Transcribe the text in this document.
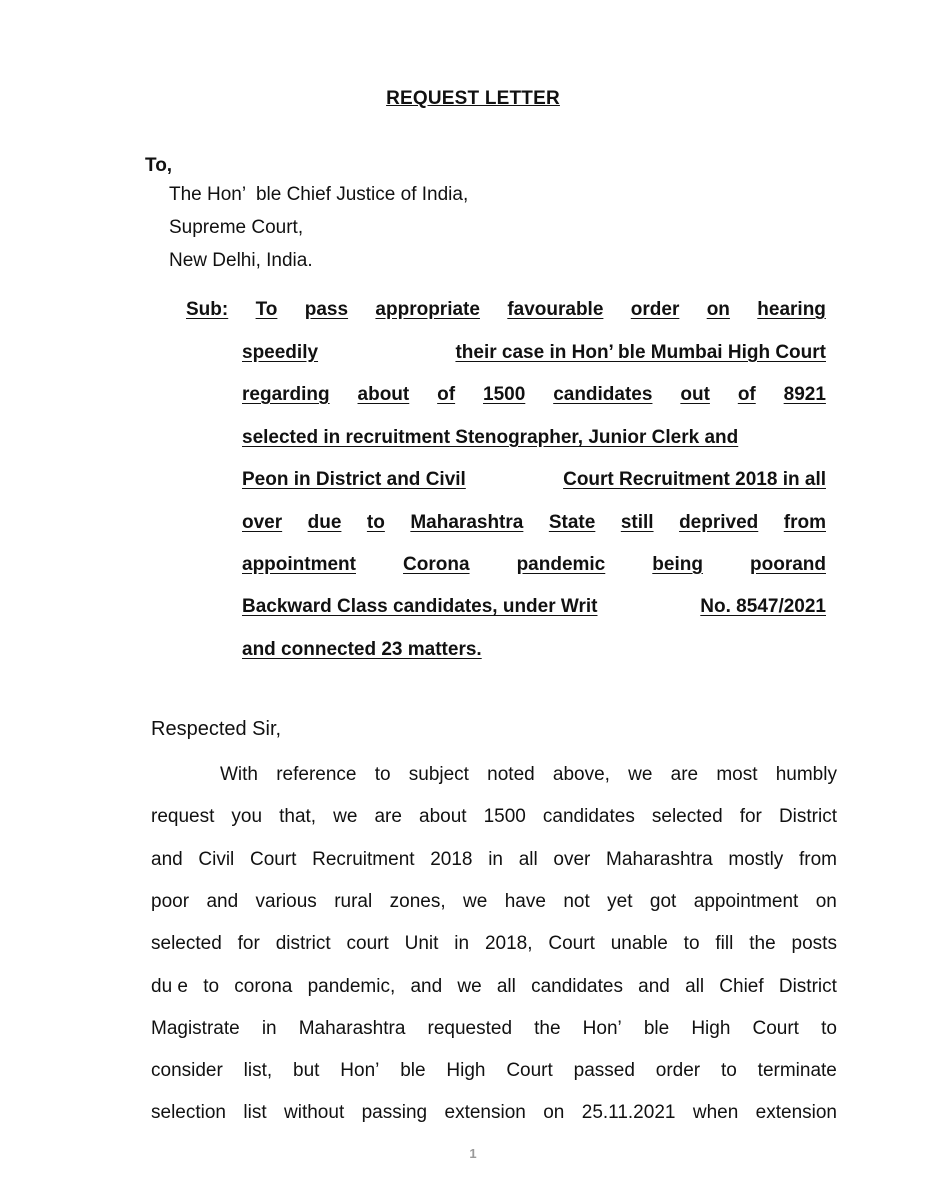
REQUEST LETTER
To,
The Hon’  ble Chief Justice of India,
Supreme Court,
New Delhi, India.
Sub: To pass appropriate favourable order on hearing
speedily	their case in Hon’ ble Mumbai High Court
regarding about of 1500 candidates out of 8921
selected in recruitment Stenographer, Junior Clerk and
Peon in District and Civil	Court Recruitment 2018 in all
over due to Maharashtra State still deprived from
appointment Corona pandemic being poorand
Backward Class candidates, under Writ	No. 8547/2021
and connected 23 matters.
Respected Sir,
With reference to subject noted above, we are most humbly
request you that, we are about 1500 candidates selected for District
and Civil Court Recruitment 2018 in all over Maharashtra mostly from
poor and various rural zones, we have not yet got appointment on
selected for district court Unit in 2018, Court unable to fill the posts
du e to corona pandemic, and we all candidates and all Chief District
Magistrate in Maharashtra requested the Hon’ ble High Court to
consider list, but Hon’ ble High Court passed order to terminate
selection list without passing extension on 25.11.2021 when extension
1
